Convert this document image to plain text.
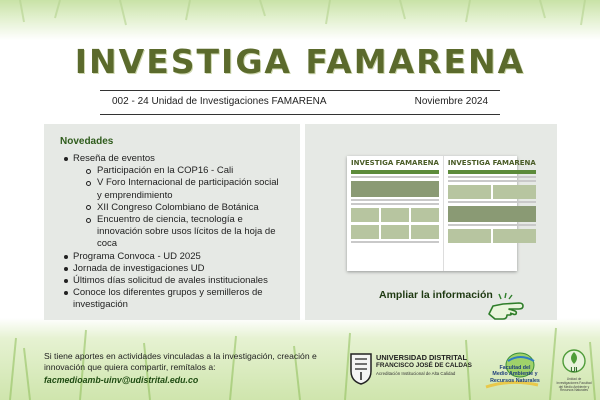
INVESTIGA FAMARENA
002 - 24 Unidad de Investigaciones FAMARENA	Noviembre 2024
Novedades
Reseña de eventos
Participación en la COP16 - Cali
V Foro Internacional de participación social y emprendimiento
XII Congreso Colombiano de Botánica
Encuentro de ciencia, tecnología e innovación sobre usos lícitos de la hoja de coca
Programa Convoca - UD 2025
Jornada de investigaciones UD
Últimos días solicitud de avales institucionales
Conoce los diferentes grupos y semilleros de investigación
INVESTIGA FAMARENA INVESTIGA FAMARENA
Ampliar la información
Si tiene aportes en actividades vinculadas a la investigación, creación e innovación que quiera compartir, remítalos a:
facmedioamb-uinv@udistrital.edu.co
UNIVERSIDAD DISTRITAL
FRANCISCO JOSÉ DE CALDAS
Acreditación Institucional de Alta Calidad
Facultad del
Medio Ambiente y
Recursos Naturales
UI
Unidad de Investigaciones Facultad del Medio Ambiente y Recursos Naturales
